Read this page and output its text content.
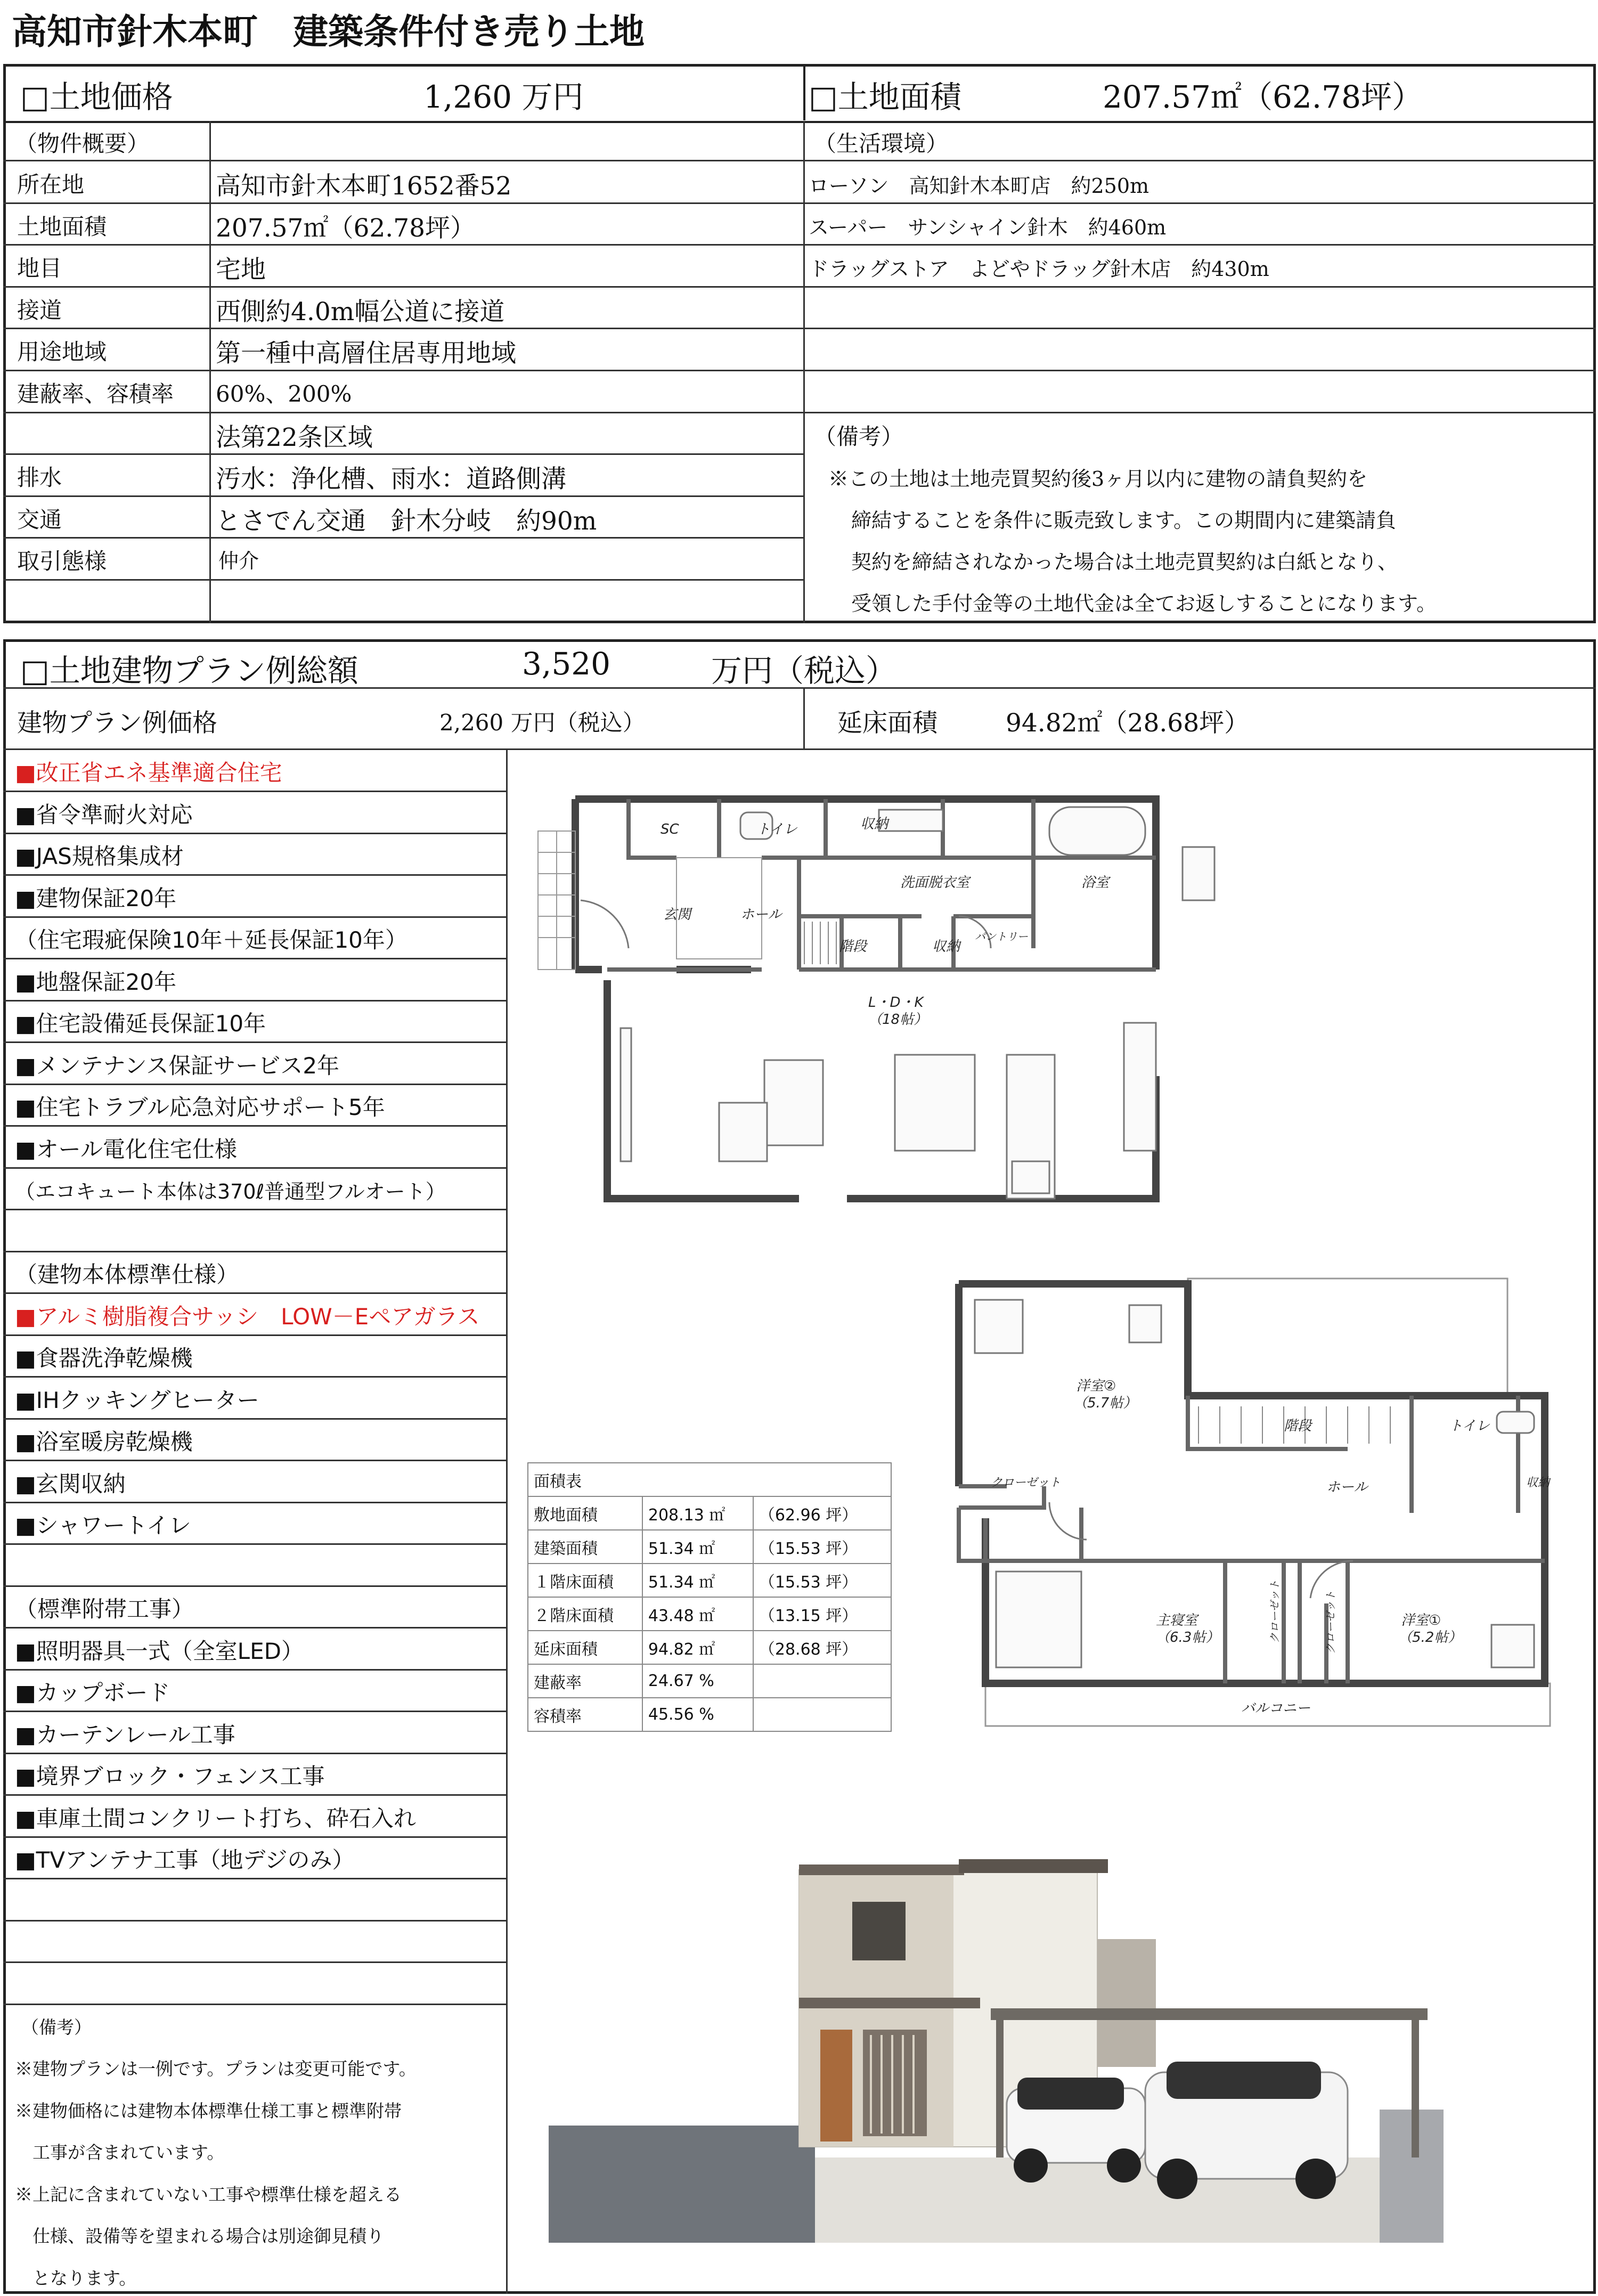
高知市針木本町　建築条件付き売り土地
□土地価格	1,260 万円	□土地面積	207.57㎡（62.78坪）
（物件概要）	（生活環境）
所在地	高知市針木本町1652番52
土地面積	207.57㎡（62.78坪）
地目	宅地
接道	西側約4.0m幅公道に接道
用途地域	第一種中高層住居専用地域
建蔽率、容積率 60%、200%
法第22条区域
排水	汚水：浄化槽、雨水：道路側溝
交通	とさでん交通　針木分岐　約90m
取引態様	仲介
ローソン　高知針木本町店　約250m
スーパー　サンシャイン針木　約460m
ドラッグストア　よどやドラッグ針木店　約430m
（備考）
※この土地は土地売買契約後3ヶ月以内に建物の請負契約を
締結することを条件に販売致します。この期間内に建築請負
契約を締結されなかった場合は土地売買契約は白紙となり、
受領した手付金等の土地代金は全てお返しすることになります。
□土地建物プラン例総額	3,520	万円（税込）
建物プラン例価格	2,260 万円（税込）	延床面積	94.82㎡（28.68坪）
■改正省エネ基準適合住宅
■省令準耐火対応
■JAS規格集成材
■建物保証20年
（住宅瑕疵保険10年＋延長保証10年）
■地盤保証20年
■住宅設備延長保証10年
■メンテナンス保証サービス2年
■住宅トラブル応急対応サポート5年
■オール電化住宅仕様
（エコキュート本体は370ℓ普通型フルオート）
（建物本体標準仕様）
■アルミ樹脂複合サッシ　LOW－Eペアガラス
■食器洗浄乾燥機
■IHクッキングヒーター
■浴室暖房乾燥機
■玄関収納
■シャワートイレ
（標準附帯工事）
■照明器具一式（全室LED）
■カップボード
■カーテンレール工事
■境界ブロック・フェンス工事
■車庫土間コンクリート打ち、砕石入れ
■TVアンテナ工事（地デジのみ）
（備考）
※建物プランは一例です。プランは変更可能です。
※建物価格には建物本体標準仕様工事と標準附帯
　工事が含まれています。
※上記に含まれていない工事や標準仕様を超える
　仕様、設備等を望まれる場合は別途御見積り
　となります。
SC	トイレ	収納
洗面脱衣室	浴室
玄関	ホール
階段	収納
パントリー
L・D・K
（18帖）
洋室②
（5.7帖）
階段	トイレ
クローゼット	ホール	収納
主寝室
（6.3帖）	クローゼット	クローゼット	洋室①
（5.2帖）
バルコニー
面積表		
敷地面積	208.13 ㎡	（62.96 坪）
建築面積	51.34 ㎡	（15.53 坪）
１階床面積	51.34 ㎡	（15.53 坪）
２階床面積	43.48 ㎡	（13.15 坪）
延床面積	94.82 ㎡	（28.68 坪）
建蔽率	24.67 %	
容積率	45.56 %	
